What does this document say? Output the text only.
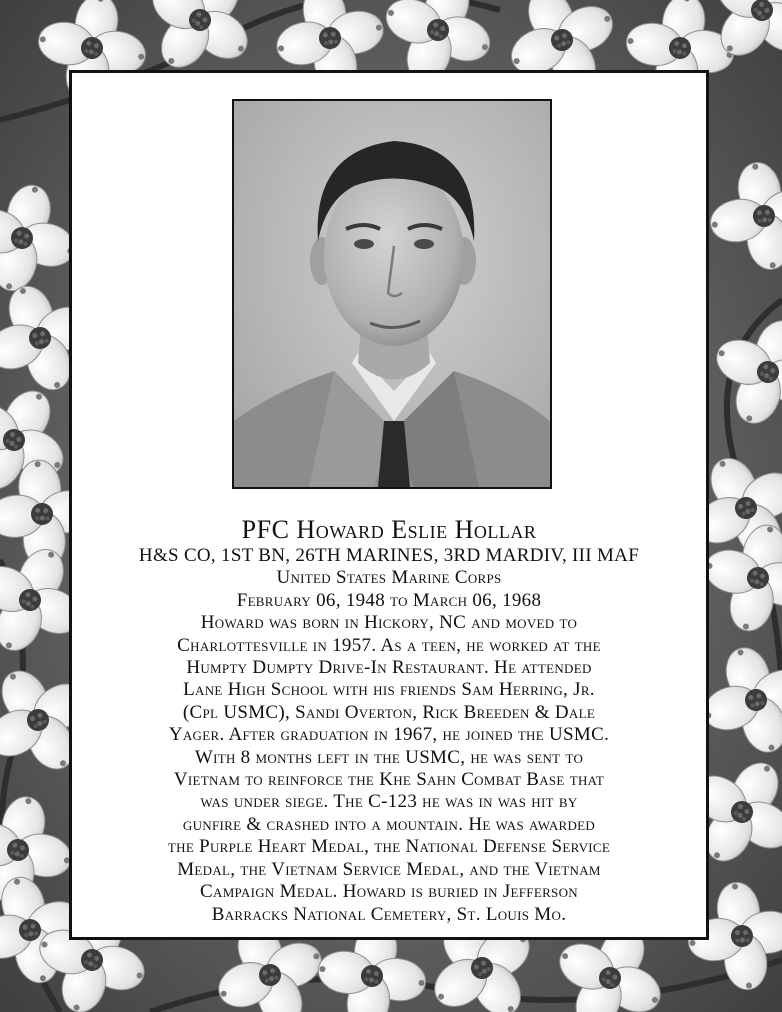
PFC Howard Eslie Hollar
H&S CO, 1ST BN, 26TH MARINES, 3RD MARDIV, III MAF
United States Marine Corps
February 06, 1948 to March 06, 1968
Howard was born in Hickory, NC and moved to
Charlottesville in 1957. As a teen, he worked at the
Humpty Dumpty Drive-In Restaurant. He attended
Lane High School with his friends Sam Herring, Jr.
(Cpl USMC), Sandi Overton, Rick Breeden & Dale
Yager. After graduation in 1967, he joined the USMC.
With 8 months left in the USMC, he was sent to
Vietnam to reinforce the Khe Sahn Combat Base that
was under siege. The C-123 he was in was hit by
gunfire & crashed into a mountain. He was awarded
the Purple Heart Medal, the National Defense Service
Medal, the Vietnam Service Medal, and the Vietnam
Campaign Medal. Howard is buried in Jefferson
Barracks National Cemetery, St. Louis Mo.
